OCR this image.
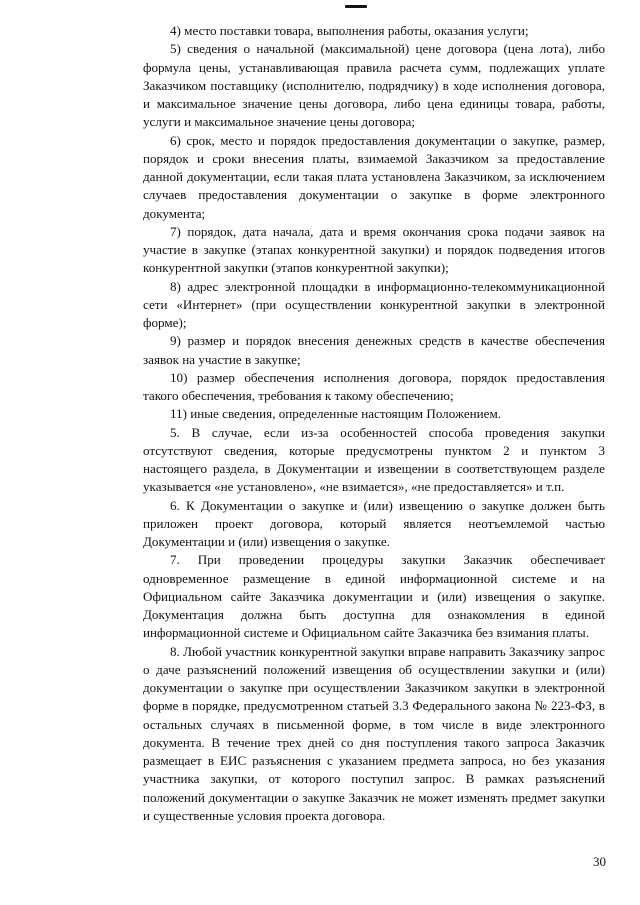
4) место поставки товара, выполнения работы, оказания услуги;

5) сведения о начальной (максимальной) цене договора (цена лота), либо формула цены, устанавливающая правила расчета сумм, подлежащих уплате Заказчиком поставщику (исполнителю, подрядчику) в ходе исполнения договора, и максимальное значение цены договора, либо цена единицы товара, работы, услуги и максимальное значение цены договора;

6) срок, место и порядок предоставления документации о закупке, размер, порядок и сроки внесения платы, взимаемой Заказчиком за предоставление данной документации, если такая плата установлена Заказчиком, за исключением случаев предоставления документации о закупке в форме электронного документа;

7) порядок, дата начала, дата и время окончания срока подачи заявок на участие в закупке (этапах конкурентной закупки) и порядок подведения итогов конкурентной закупки (этапов конкурентной закупки);

8) адрес электронной площадки в информационно-телекоммуникационной сети «Интернет» (при осуществлении конкурентной закупки в электронной форме);

9) размер и порядок внесения денежных средств в качестве обеспечения заявок на участие в закупке;

10) размер обеспечения исполнения договора, порядок предоставления такого обеспечения, требования к такому обеспечению;

11) иные сведения, определенные настоящим Положением.

5. В случае, если из-за особенностей способа проведения закупки отсутствуют сведения, которые предусмотрены пунктом 2 и пунктом 3 настоящего раздела, в Документации и извещении в соответствующем разделе указывается «не установлено», «не взимается», «не предоставляется» и т.п.

6. К Документации о закупке и (или) извещению о закупке должен быть приложен проект договора, который является неотъемлемой частью Документации и (или) извещения о закупке.

7. При проведении процедуры закупки Заказчик обеспечивает одновременное размещение в единой информационной системе и на Официальном сайте Заказчика документации и (или) извещения о закупке. Документация должна быть доступна для ознакомления в единой информационной системе и Официальном сайте Заказчика без взимания платы.

8. Любой участник конкурентной закупки вправе направить Заказчику запрос о даче разъяснений положений извещения об осуществлении закупки и (или) документации о закупке при осуществлении Заказчиком закупки в электронной форме в порядке, предусмотренном статьей 3.3 Федерального закона № 223-ФЗ, в остальных случаях в письменной форме, в том числе в виде электронного документа. В течение трех дней со дня поступления такого запроса Заказчик размещает в ЕИС разъяснения с указанием предмета запроса, но без указания участника закупки, от которого поступил запрос. В рамках разъяснений положений документации о закупке Заказчик не может изменять предмет закупки и существенные условия проекта договора.

30
